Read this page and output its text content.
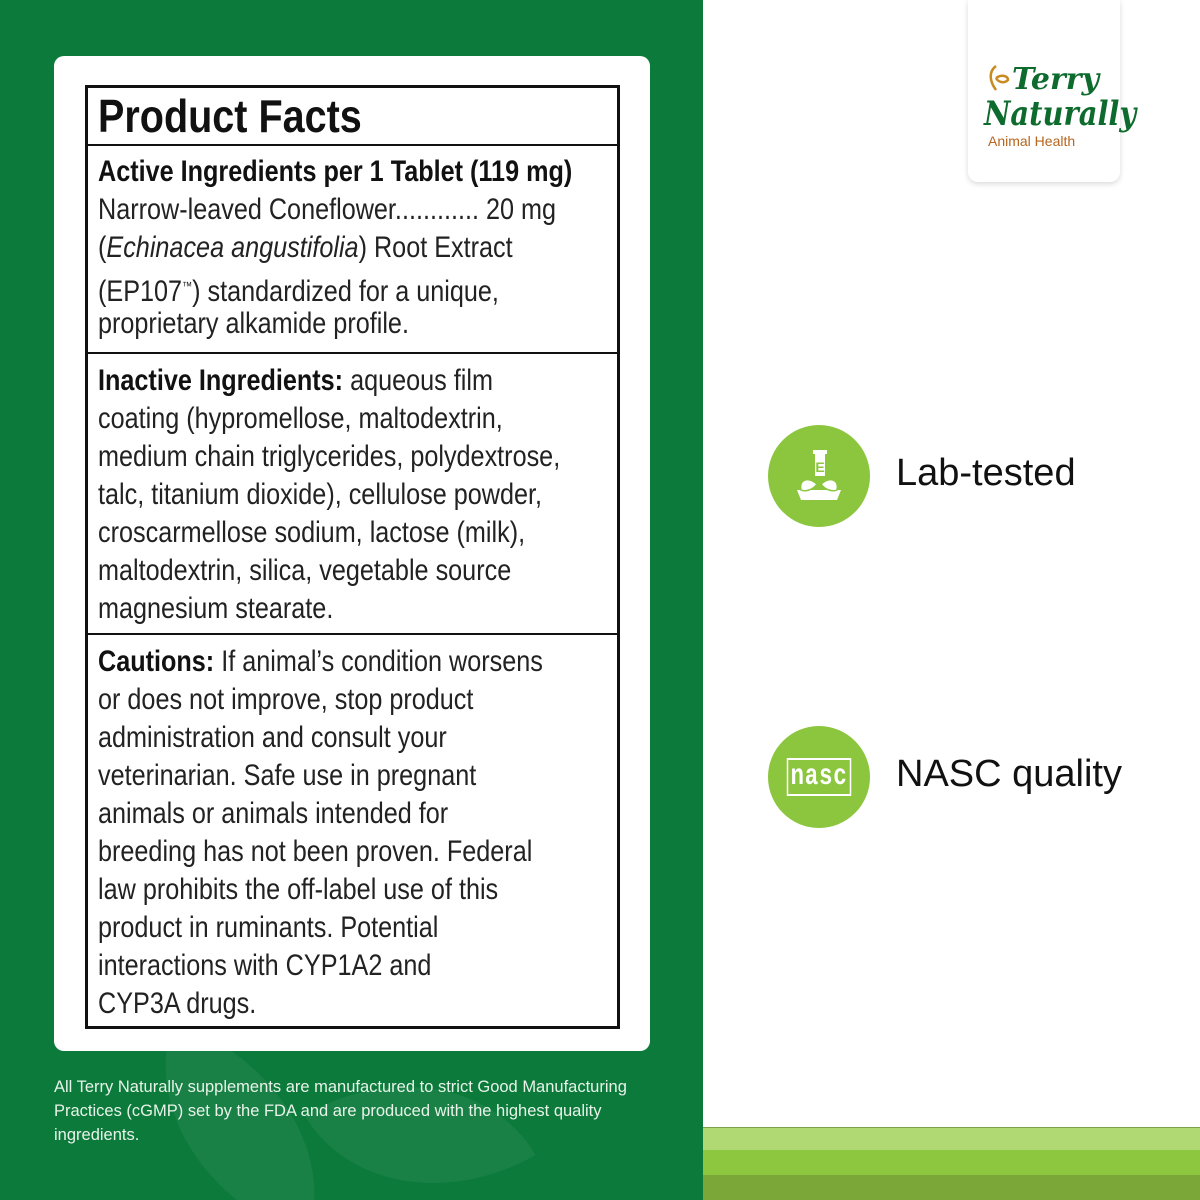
Product Facts
Active Ingredients per 1 Tablet (119 mg)
Narrow-leaved Coneflower............ 20 mg
(Echinacea angustifolia) Root Extract
(EP107™) standardized for a unique,
proprietary alkamide profile.
Inactive Ingredients: aqueous film
coating (hypromellose, maltodextrin,
medium chain triglycerides, polydextrose,
talc, titanium dioxide), cellulose powder,
croscarmellose sodium, lactose (milk),
maltodextrin, silica, vegetable source
magnesium stearate.
Cautions: If animal’s condition worsens
or does not improve, stop product
administration and consult your
veterinarian. Safe use in pregnant
animals or animals intended for
breeding has not been proven. Federal
law prohibits the off-label use of this
product in ruminants. Potential
interactions with CYP1A2 and
CYP3A drugs.
All Terry Naturally supplements are manufactured to strict Good Manufacturing Practices (cGMP) set by the FDA and are produced with the highest quality ingredients.
Terry
Naturally
Animal Health
E Lab-tested
nasc NASC quality
